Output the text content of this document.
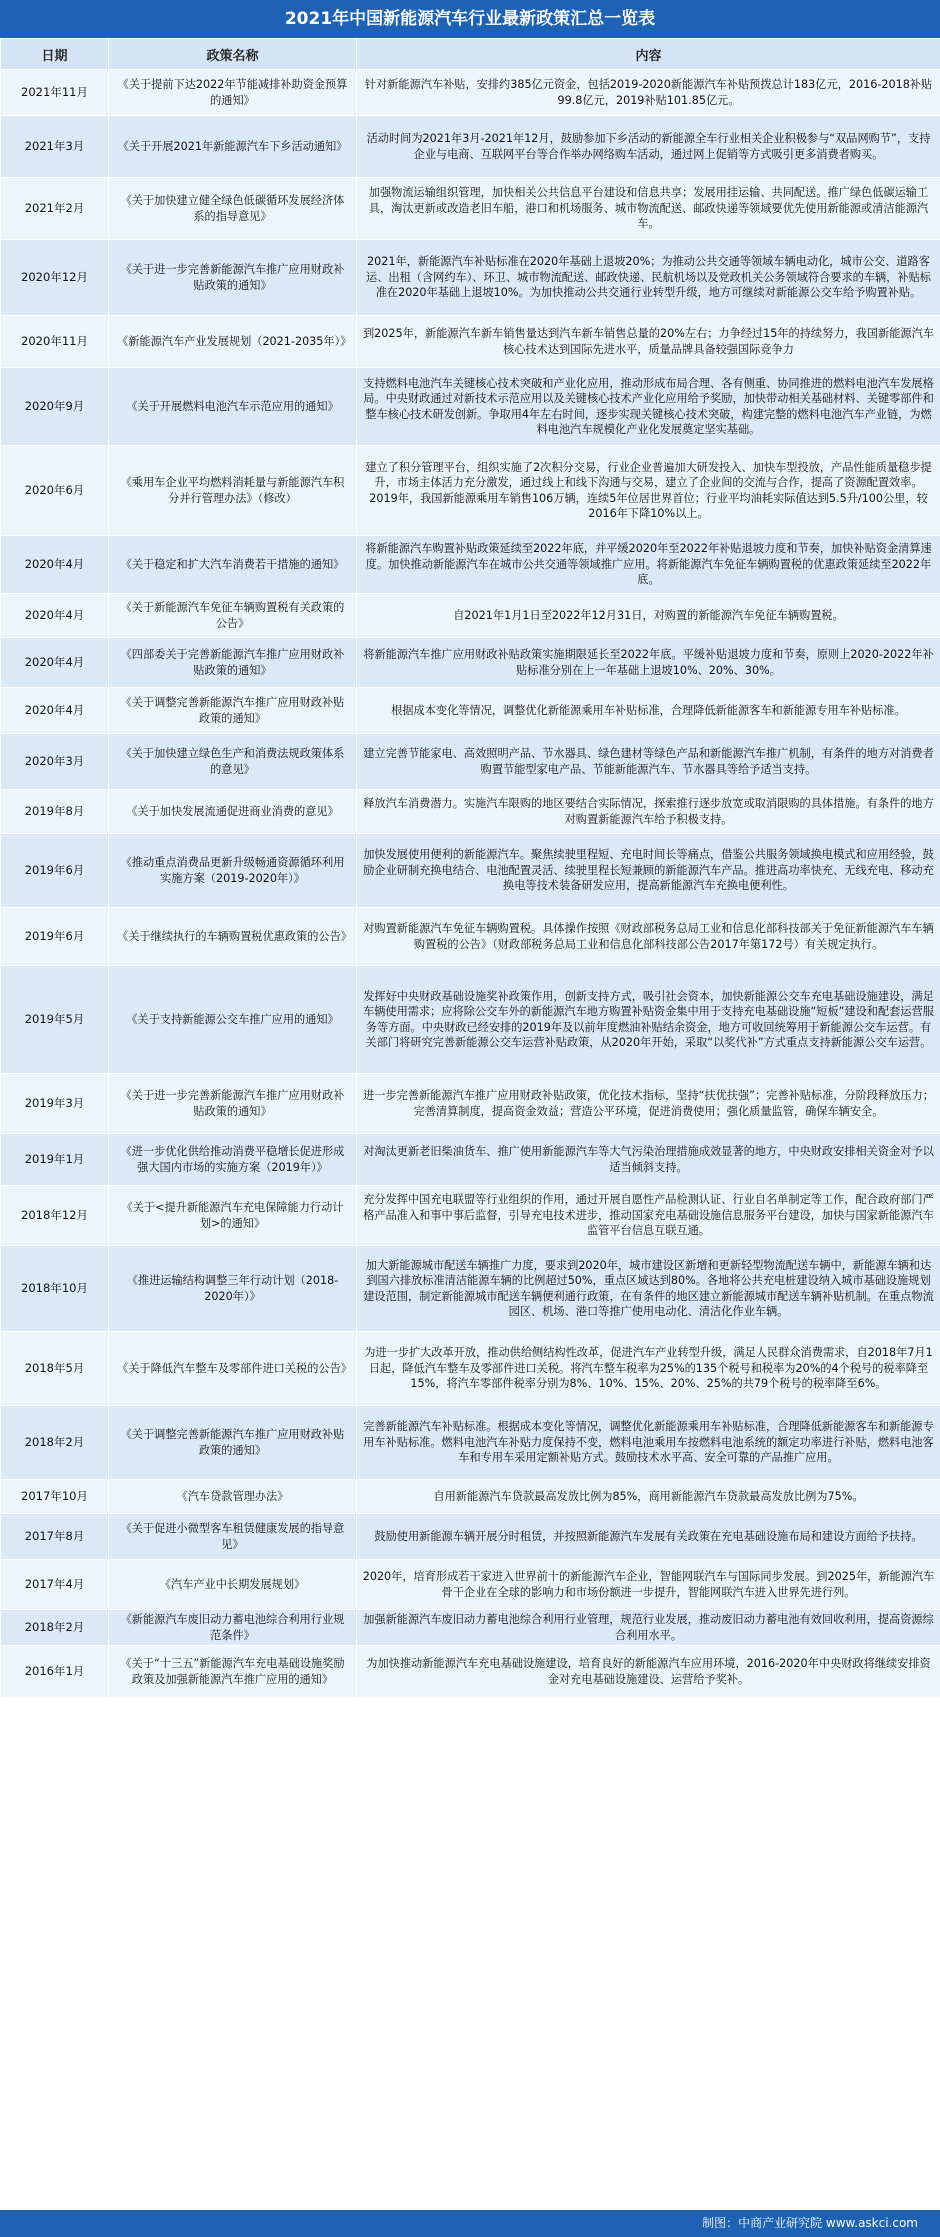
2021年中国新能源汽车行业最新政策汇总一览表
日期	政策名称	内容
2021年11月	《关于提前下达2022年节能减排补助资金预算的通知》	针对新能源汽车补贴，安排约385亿元资金，包括2019-2020新能源汽车补贴预拨总计183亿元，2016-2018补贴99.8亿元，2019补贴101.85亿元。
2021年3月	《关于开展2021年新能源汽车下乡活动通知》	活动时间为2021年3月-2021年12月，鼓励参加下乡活动的新能源全车行业相关企业积极参与“双品网购节”，支持企业与电商、互联网平台等合作举办网络购车活动，通过网上促销等方式吸引更多消费者购买。
2021年2月	《关于加快建立健全绿色低碳循环发展经济体系的指导意见》	加强物流运输组织管理，加快相关公共信息平台建设和信息共享；发展用挂运输、共同配送。推广绿色低碳运输工具，淘汰更新或改造老旧车船，港口和机场服务、城市物流配送、邮政快递等领域要优先使用新能源或清洁能源汽车。
2020年12月	《关于进一步完善新能源汽车推广应用财政补贴政策的通知》	2021年，新能源汽车补贴标准在2020年基础上退坡20%；为推动公共交通等领域车辆电动化，城市公交、道路客运、出租（含网约车）、环卫、城市物流配送、邮政快递、民航机场以及党政机关公务领域符合要求的车辆，补贴标准在2020年基础上退坡10%。为加快推动公共交通行业转型升级，地方可继续对新能源公交车给予购置补贴。
2020年11月	《新能源汽车产业发展规划（2021-2035年）》	到2025年，新能源汽车新车销售量达到汽车新车销售总量的20%左右；力争经过15年的持续努力，我国新能源汽车核心技术达到国际先进水平，质量品牌具备较强国际竞争力
2020年9月	《关于开展燃料电池汽车示范应用的通知》	支持燃料电池汽车关键核心技术突破和产业化应用，推动形成布局合理、各有侧重、协同推进的燃料电池汽车发展格局。中央财政通过对新技术示范应用以及关键核心技术产业化应用给予奖励，加快带动相关基础材料、关键零部件和整车核心技术研发创新。争取用4年左右时间，逐步实现关键核心技术突破，构建完整的燃料电池汽车产业链，为燃料电池汽车规模化产业化发展奠定坚实基础。
2020年6月	《乘用车企业平均燃料消耗量与新能源汽车积分并行管理办法》（修改）	建立了积分管理平台，组织实施了2次积分交易，行业企业普遍加大研发投入、加快车型投放，产品性能质量稳步提升，市场主体活力充分激发，通过线上和线下沟通与交易，建立了企业间的交流与合作，提高了资源配置效率。2019年，我国新能源乘用车销售106万辆，连续5年位居世界首位；行业平均油耗实际值达到5.5升/100公里，较2016年下降10%以上。
2020年4月	《关于稳定和扩大汽车消费若干措施的通知》	将新能源汽车购置补贴政策延续至2022年底，并平缓2020年至2022年补贴退坡力度和节奏，加快补贴资金清算速度。加快推动新能源汽车在城市公共交通等领域推广应用。将新能源汽车免征车辆购置税的优惠政策延续至2022年底。
2020年4月	《关于新能源汽车免征车辆购置税有关政策的公告》	自2021年1月1日至2022年12月31日，对购置的新能源汽车免征车辆购置税。
2020年4月	《四部委关于完善新能源汽车推广应用财政补贴政策的通知》	将新能源汽车推广应用财政补贴政策实施期限延长至2022年底。平缓补贴退坡力度和节奏，原则上2020-2022年补贴标准分别在上一年基础上退坡10%、20%、30%。
2020年4月	《关于调整完善新能源汽车推广应用财政补贴政策的通知》	根据成本变化等情况，调整优化新能源乘用车补贴标准，合理降低新能源客车和新能源专用车补贴标准。
2020年3月	《关于加快建立绿色生产和消费法规政策体系的意见》	建立完善节能家电、高效照明产品、节水器具、绿色建材等绿色产品和新能源汽车推广机制，有条件的地方对消费者购置节能型家电产品、节能新能源汽车、节水器具等给予适当支持。
2019年8月	《关于加快发展流通促进商业消费的意见》	释放汽车消费潜力。实施汽车限购的地区要结合实际情况，探索推行逐步放宽或取消限购的具体措施。有条件的地方对购置新能源汽车给予积极支持。
2019年6月	《推动重点消费品更新升级畅通资源循环利用实施方案（2019-2020年）》	加快发展使用便利的新能源汽车。聚焦续驶里程短、充电时间长等痛点，借鉴公共服务领域换电模式和应用经验，鼓励企业研制充换电结合、电池配置灵活、续驶里程长短兼顾的新能源汽车产品。推进高功率快充、无线充电、移动充换电等技术装备研发应用，提高新能源汽车充换电便利性。
2019年6月	《关于继续执行的车辆购置税优惠政策的公告》	对购置新能源汽车免征车辆购置税。具体操作按照《财政部税务总局工业和信息化部科技部关于免征新能源汽车车辆购置税的公告》（财政部税务总局工业和信息化部科技部公告2017年第172号）有关规定执行。
2019年5月	《关于支持新能源公交车推广应用的通知》	发挥好中央财政基础设施奖补政策作用，创新支持方式，吸引社会资本，加快新能源公交车充电基础设施建设，满足车辆使用需求；应将除公交车外的新能源汽车地方购置补贴资金集中用于支持充电基础设施“短板”建设和配套运营服务等方面。中央财政已经安排的2019年及以前年度燃油补贴结余资金，地方可收回统筹用于新能源公交车运营。有关部门将研究完善新能源公交车运营补贴政策，从2020年开始，采取“以奖代补”方式重点支持新能源公交车运营。
2019年3月	《关于进一步完善新能源汽车推广应用财政补贴政策的通知》	进一步完善新能源汽车推广应用财政补贴政策，优化技术指标，坚持“扶优扶强”；完善补贴标准，分阶段释放压力；完善清算制度，提高资金效益；营造公平环境，促进消费使用；强化质量监管，确保车辆安全。
2019年1月	《进一步优化供给推动消费平稳增长促进形成强大国内市场的实施方案（2019年）》	对淘汰更新老旧柴油货车、推广使用新能源汽车等大气污染治理措施成效显著的地方，中央财政安排相关资金对予以适当倾斜支持。
2018年12月	《关于<提升新能源汽车充电保障能力行动计划>的通知》	充分发挥中国充电联盟等行业组织的作用，通过开展自愿性产品检测认证、行业自名单制定等工作，配合政府部门严格产品准入和事中事后监督，引导充电技术进步，推动国家充电基础设施信息服务平台建设，加快与国家新能源汽车监管平台信息互联互通。
2018年10月	《推进运输结构调整三年行动计划（2018-2020年）》	加大新能源城市配送车辆推广力度，要求到2020年，城市建设区新增和更新轻型物流配送车辆中，新能源车辆和达到国六排放标准清洁能源车辆的比例超过50%，重点区域达到80%。各地将公共充电桩建设纳入城市基础设施规划建设范围，制定新能源城市配送车辆便利通行政策，在有条件的地区建立新能源城市配送车辆补贴机制。在重点物流园区、机场、港口等推广使用电动化、清洁化作业车辆。
2018年5月	《关于降低汽车整车及零部件进口关税的公告》	为进一步扩大改革开放，推动供给侧结构性改革，促进汽车产业转型升级，满足人民群众消费需求，自2018年7月1日起，降低汽车整车及零部件进口关税。将汽车整车税率为25%的135个税号和税率为20%的4个税号的税率降至15%，将汽车零部件税率分别为8%、10%、15%、20%、25%的共79个税号的税率降至6%。
2018年2月	《关于调整完善新能源汽车推广应用财政补贴政策的通知》	完善新能源汽车补贴标准。根据成本变化等情况，调整优化新能源乘用车补贴标准，合理降低新能源客车和新能源专用车补贴标准。燃料电池汽车补贴力度保持不变，燃料电池乘用车按燃料电池系统的额定功率进行补贴，燃料电池客车和专用车采用定额补贴方式。鼓励技术水平高、安全可靠的产品推广应用。
2017年10月	《汽车贷款管理办法》	自用新能源汽车贷款最高发放比例为85%，商用新能源汽车贷款最高发放比例为75%。
2017年8月	《关于促进小微型客车租赁健康发展的指导意见》	鼓励使用新能源车辆开展分时租赁，并按照新能源汽车发展有关政策在充电基础设施布局和建设方面给予扶持。
2017年4月	《汽车产业中长期发展规划》	2020年，培育形成若干家进入世界前十的新能源汽车企业，智能网联汽车与国际同步发展。到2025年，新能源汽车骨干企业在全球的影响力和市场份额进一步提升，智能网联汽车进入世界先进行列。
2018年2月	《新能源汽车废旧动力蓄电池综合利用行业规范条件》	加强新能源汽车废旧动力蓄电池综合利用行业管理，规范行业发展，推动废旧动力蓄电池有效回收利用，提高资源综合利用水平。
2016年1月	《关于“十三五”新能源汽车充电基础设施奖励政策及加强新能源汽车推广应用的通知》	为加快推动新能源汽车充电基础设施建设，培育良好的新能源汽车应用环境，2016-2020年中央财政将继续安排资金对充电基础设施建设、运营给予奖补。
制图：中商产业研究院 www.askci.com
